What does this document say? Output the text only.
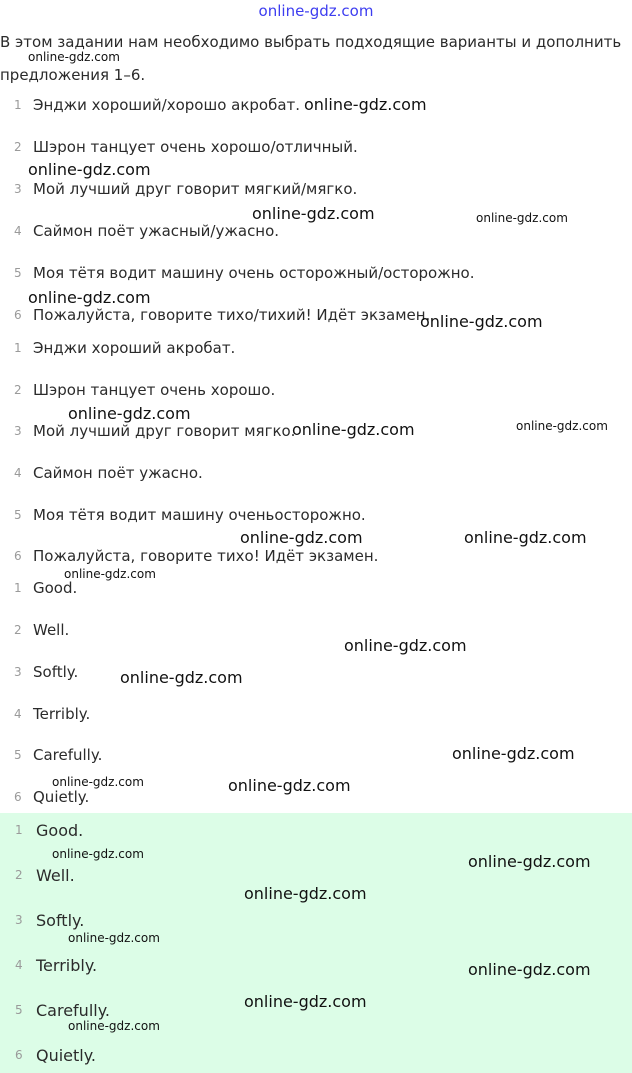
online-gdz.com
В этом задании нам необходимо выбрать подходящие варианты и дополнить
предложения 1–6.
1 Энджи хороший/хорошо акробат.
2 Шэрон танцует очень хорошо/отличный.
3 Мой лучший друг говорит мягкий/мягко.
4 Саймон поёт ужасный/ужасно.
5 Моя тётя водит машину очень осторожный/осторожно.
6 Пожалуйста, говорите тихо/тихий! Идёт экзамен.
1 Энджи хороший акробат.
2 Шэрон танцует очень хорошо.
3 Мой лучший друг говорит мягко.
4 Саймон поёт ужасно.
5 Моя тётя водит машину оченьосторожно.
6 Пожалуйста, говорите тихо! Идёт экзамен.
1 Good.
2 Well.
3 Softly.
4 Terribly.
5 Carefully.
6 Quietly.
1 Good.
2 Well.
3 Softly.
4 Terribly.
5 Carefully.
6 Quietly.
online-gdz.com
online-gdz.com
online-gdz.com
online-gdz.com	online-gdz.com
online-gdz.com
online-gdz.com
online-gdz.com
online-gdz.com	online-gdz.com
online-gdz.com	online-gdz.com
online-gdz.com
online-gdz.com
online-gdz.com
online-gdz.com
online-gdz.com	online-gdz.com
online-gdz.com	online-gdz.com
online-gdz.com
online-gdz.com
online-gdz.com
online-gdz.com
online-gdz.com
